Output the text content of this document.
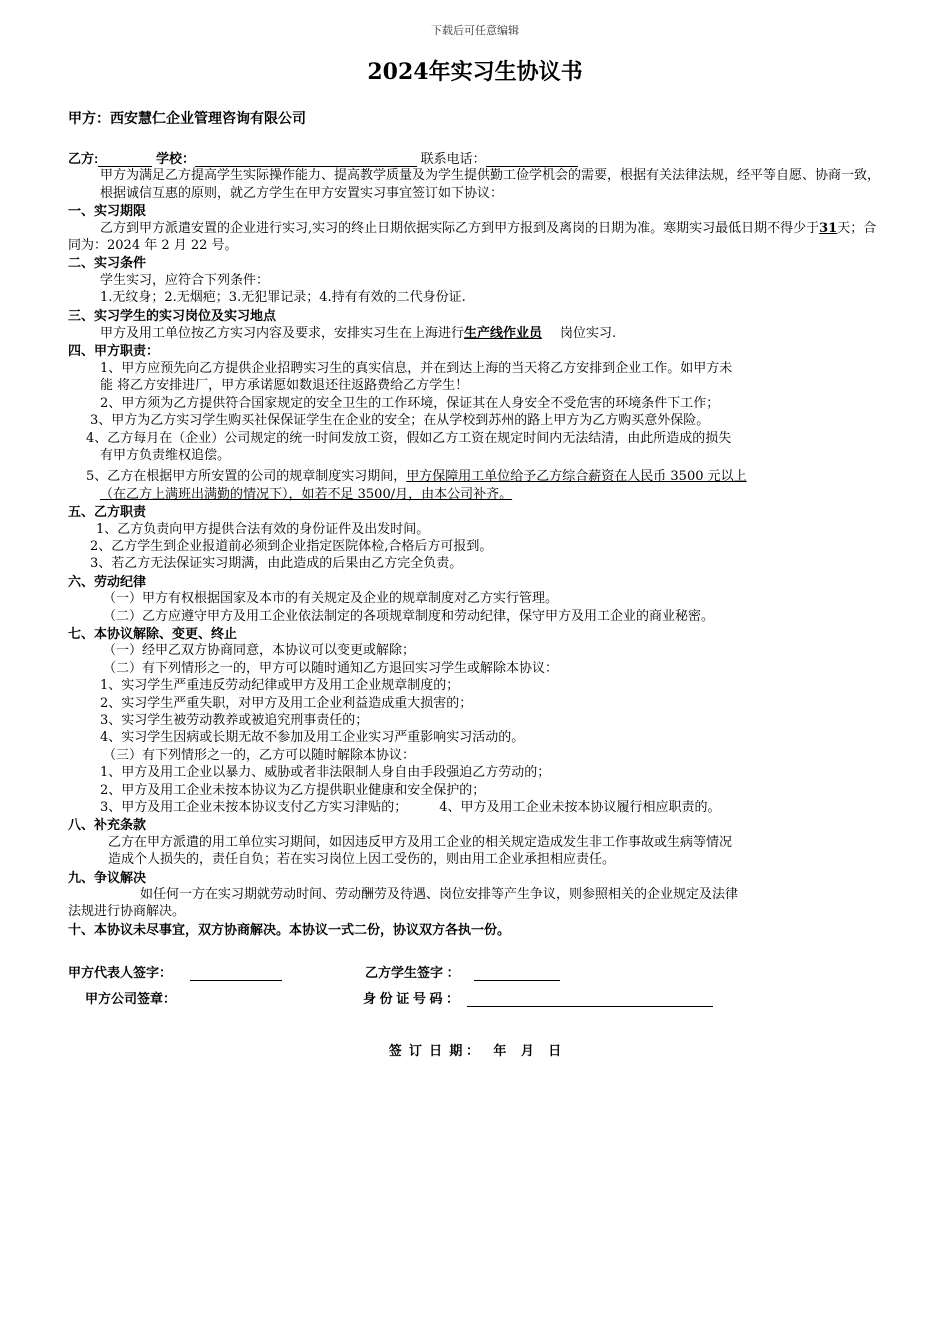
下载后可任意编辑
2024年实习生协议书
甲方：西安慧仁企业管理咨询有限公司
乙方:	学校：	联系电话：
甲方为满足乙方提高学生实际操作能力、提高教学质量及为学生提供勤工俭学机会的需要，根据有关法律法规，经平等自愿、协商一致，根据诚信互惠的原则，就乙方学生在甲方安置实习事宜签订如下协议：
一、实习期限
乙方到甲方派遣安置的企业进行实习,实习的终止日期依据实际乙方到甲方报到及离岗的日期为准。寒期实习最低日期不得少于31天；合同为：2024 年 2 月 22 号。
二、实习条件
学生实习，应符合下列条件：
1.无纹身；2.无烟疤；3.无犯罪记录；4.持有有效的二代身份证.
三、实习学生的实习岗位及实习地点
甲方及用工单位按乙方实习内容及要求，安排实习生在上海进行生产线作业员 岗位实习.
四、甲方职责：
1、甲方应预先向乙方提供企业招聘实习生的真实信息，并在到达上海的当天将乙方安排到企业工作。如甲方未
能 将乙方安排进厂，甲方承诺愿如数退还往返路费给乙方学生！
2、甲方须为乙方提供符合国家规定的安全卫生的工作环境，保证其在人身安全不受危害的环境条件下工作；
3、甲方为乙方实习学生购买社保保证学生在企业的安全；在从学校到苏州的路上甲方为乙方购买意外保险。
4、乙方每月在（企业）公司规定的统一时间发放工资，假如乙方工资在规定时间内无法结清，由此所造成的损失
有甲方负责维权追偿。
5、乙方在根据甲方所安置的公司的规章制度实习期间，甲方保障用工单位给予乙方综合薪资在人民币 3500 元以上
（在乙方上满班出满勤的情况下），如若不足 3500/月，由本公司补齐。
五、乙方职责
1、乙方负责向甲方提供合法有效的身份证件及出发时间。
2、乙方学生到企业报道前必须到企业指定医院体检,合格后方可报到。
3、若乙方无法保证实习期满，由此造成的后果由乙方完全负责。
六、劳动纪律
（一）甲方有权根据国家及本市的有关规定及企业的规章制度对乙方实行管理。
（二）乙方应遵守甲方及用工企业依法制定的各项规章制度和劳动纪律，保守甲方及用工企业的商业秘密。
七、本协议解除、变更、终止
（一）经甲乙双方协商同意，本协议可以变更或解除；
（二）有下列情形之一的，甲方可以随时通知乙方退回实习学生或解除本协议：
1、实习学生严重违反劳动纪律或甲方及用工企业规章制度的；
2、实习学生严重失职，对甲方及用工企业利益造成重大损害的；
3、实习学生被劳动教养或被追究刑事责任的；
4、实习学生因病或长期无故不参加及用工企业实习严重影响实习活动的。
（三）有下列情形之一的，乙方可以随时解除本协议：
1、甲方及用工企业以暴力、威胁或者非法限制人身自由手段强迫乙方劳动的；
2、甲方及用工企业未按本协议为乙方提供职业健康和安全保护的；
3、甲方及用工企业未按本协议支付乙方实习津贴的； 4、甲方及用工企业未按本协议履行相应职责的。
八、补充条款
乙方在甲方派遣的用工单位实习期间，如因违反甲方及用工企业的相关规定造成发生非工作事故或生病等情况
造成个人损失的，责任自负；若在实习岗位上因工受伤的，则由用工企业承担相应责任。
九、争议解决
如任何一方在实习期就劳动时间、劳动酬劳及待遇、岗位安排等产生争议，则参照相关的企业规定及法律
法规进行协商解决。
十、本协议未尽事宜，双方协商解决。本协议一式二份，协议双方各执一份。
甲方代表人签字：	乙方学生签字 ：
甲方公司签章：	身 份 证 号 码 ：
签  订  日  期 ：    年    月    日
